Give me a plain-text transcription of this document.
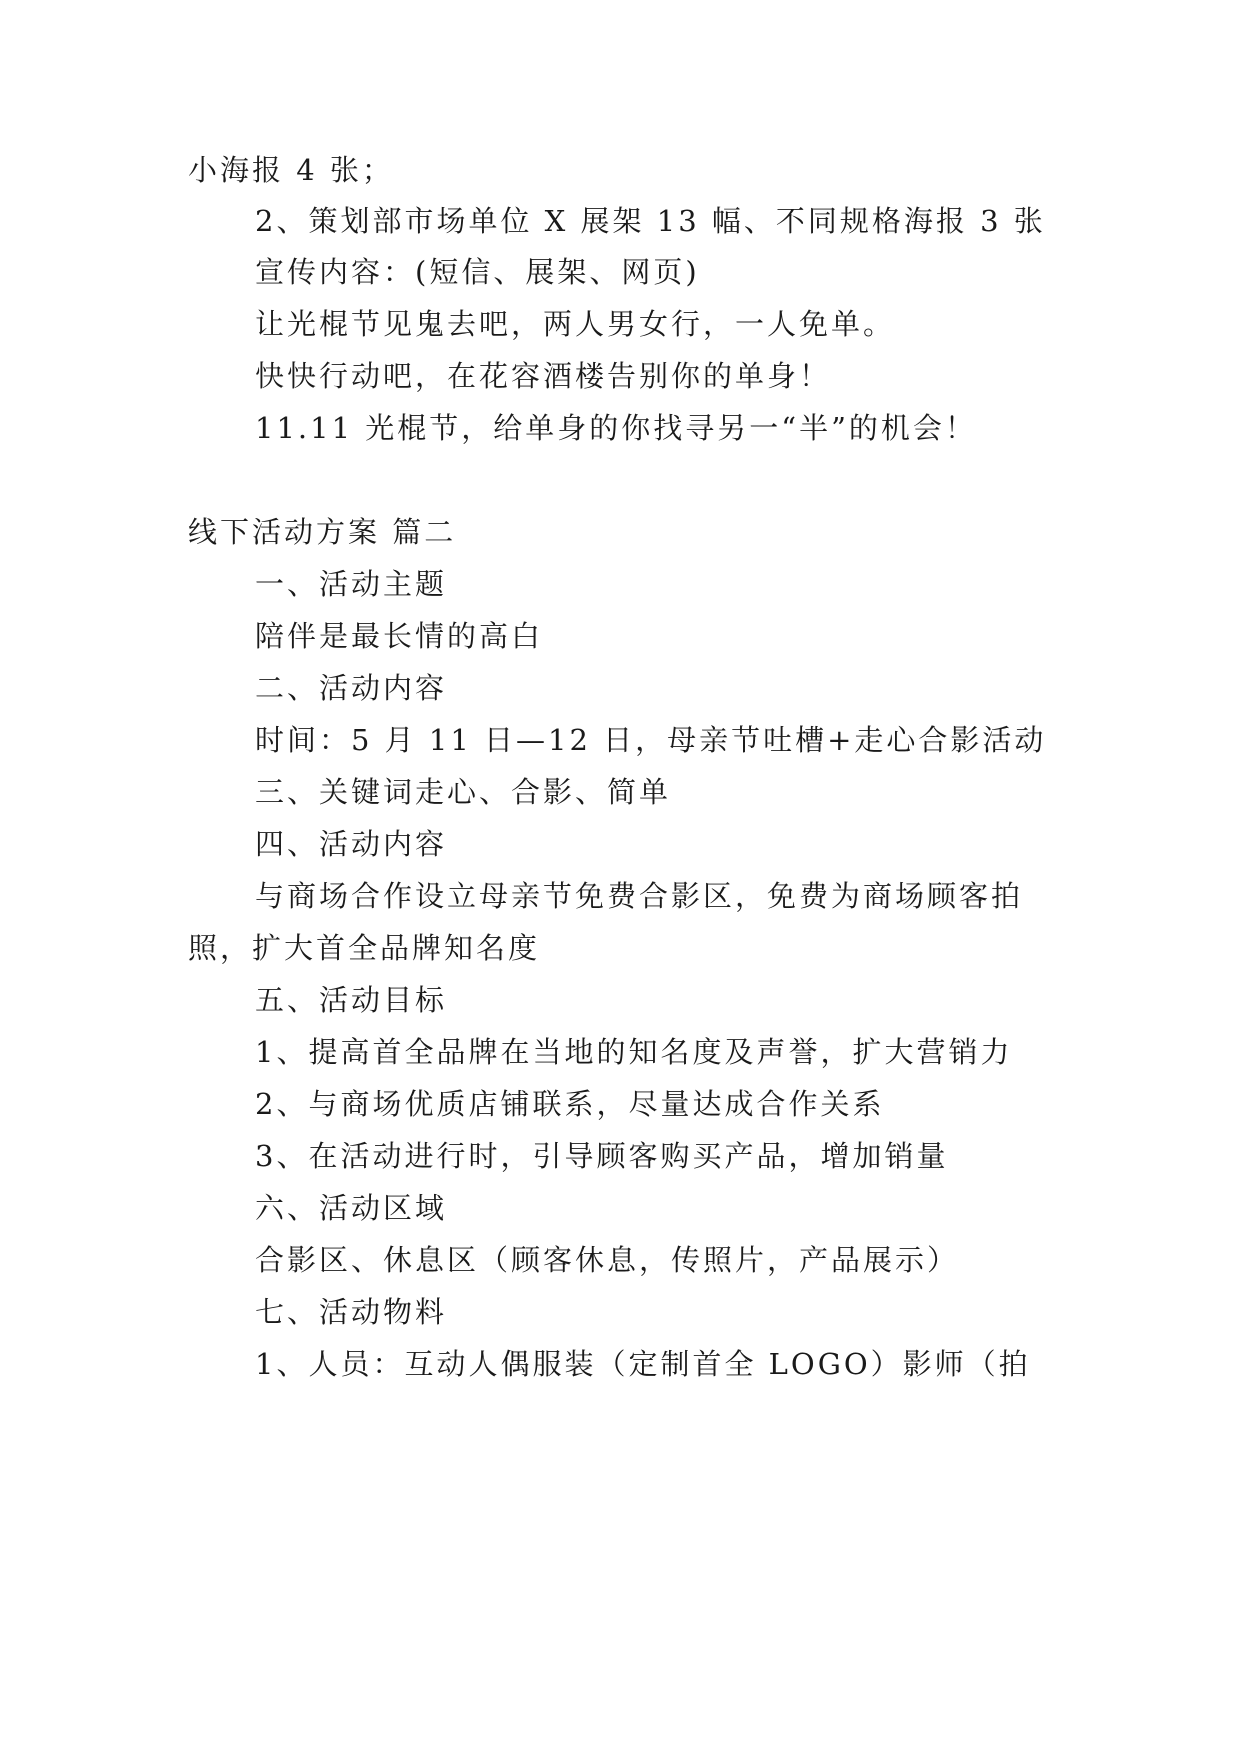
小海报 4 张；
2、策划部市场单位 X 展架 13 幅、不同规格海报 3 张
宣传内容：(短信、展架、网页)
让光棍节见鬼去吧，两人男女行，一人免单。
快快行动吧，在花容酒楼告别你的单身！
11.11 光棍节，给单身的你找寻另一“半”的机会！
线下活动方案 篇二
一、活动主题
陪伴是最长情的高白
二、活动内容
时间：5 月 11 日—12 日，母亲节吐槽+走心合影活动
三、关键词走心、合影、简单
四、活动内容
与商场合作设立母亲节免费合影区，免费为商场顾客拍
照，扩大首全品牌知名度
五、活动目标
1、提高首全品牌在当地的知名度及声誉，扩大营销力
2、与商场优质店铺联系，尽量达成合作关系
3、在活动进行时，引导顾客购买产品，增加销量
六、活动区域
合影区、休息区（顾客休息，传照片，产品展示）
七、活动物料
1、人员：互动人偶服装（定制首全 LOGO）影师（拍
